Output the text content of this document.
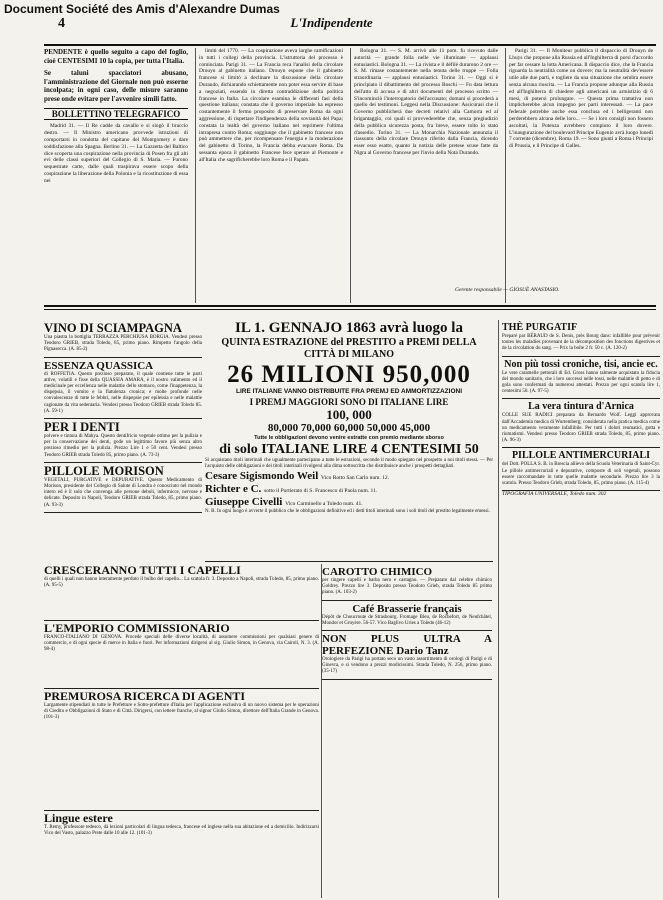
Document Société des Amis d'Alexandre Dumas
4	L'Indipendente
PENDENTE è quello seguito a capo del foglio, cioè CENTESIMI 10 la copia, per tutta l'Italia.
Se taluni spacciatori abusano, l'amministrazione del Giornale non può esserne incolpata; in ogni caso, delle misure saranno prese onde evitare per l'avvenire simili fatto.
BOLLETTINO TELEGRAFICO

Madrid 31. — Il Re cadde da cavallo e si slogò il braccio destro. — Il Ministro americano provvede istruzioni di comportarsi in condotta del capitano del Montgomery e dare soddisfazione alla Spagna. Berlino 31. — La Gazzetta del Baltico dice scoperta una cospirazione nella provincia di Posen fra gli alti evi delle classi superiori del Collegio di S. Maria. — Furono sequestrate carte, dalle quali traspirava essere scopo della cospirazione la liberazione della Polonia e la ricostituzione di essa nei

limiti del 1770. — La cospirazione aveva larghe ramificazioni in tutti i collegi della provincia. L'istruttoria del processo è cominciata. Parigi 31. — La Francia reca l'analisi della circolare Drouyn al gabinetto italiano. Drouyn espone che il gabinetto francese si limitò a declinare la discussione della circolare Durando, dichiarando schiettamente non poter essa servire di base a negoziati, essendo in diretta contraddizione della politica francese in Italia. La circolare esamina le differenti fasi della questione italiana; constata che il governo imperiale ha espresso costantemente il fermo proposito di preservare Roma da ogni aggressione, di rispettare l'indipendenza della sovranità del Papa; constata la lealtà del governo italiano nel reprimere l'ultima intrapresa contro Roma; soggiunge che il gabinetto francese non può ammettere che, per ricompensare l'energia e la moderazione del gabinetto di Torino, la Francia debba evacuare Roma. Da sessanta epoca il gabinetto Francese fece sperare al Piemonte e all'Italia che sagrificherebbe loro Roma e il Papato.

Bologna 31. — S. M. arrivò alle 11 pom. fu ricevuto dalle autorità — grande folla nelle vie illuminate — applausi entusiastici. Bologna 31. — La rivista e il défilé durarono 2 ore — S. M. rimase costantemente nella tenuta delle truppe — Folla straordinaria — applausi entusiastici. Torino 31. — Oggi si è principiato il dibattimento del processo Boschi — Fu data lettura dell'atto di accusa e di altri documenti del processo scritto — S'incominciò l'interrogatorio dell'accusato; domani si procederà a quello dei testimoni. Leggesi nella Discussione: Assicurasi che il Governo pubblicherà due decreti relativi alla Camorra ed al brigantaggio, coi quali si provvederebbe che, senza pregiudizio della pubblica sicurezza posta, fra breve, essere tolto lo stato d'assedio. Torino 31. — La Monarchia Nazionale annunzia il riassunto della circolare Drouyn riferito dalla Francia, dicendo esser esso esatto, quanto la notizia delle pretese scuse fatte da Nigra al Governo francese per l'invio della Nota Durando.

Parigi 31. — Il Moniteur pubblica il dispaccio di Drouyn de Lhuys che propone alla Russia ed all'Inghilterra di porsi d'accordo per far cessare la lotta Americana. Il dispaccio dice, che la Francia riguarda la neutralità come un dovere; ma la neutralità dev'essere utile alle due parti, e togliere da una situazione che sembra essere senza alcuna riuscita. — La Francia propone adunque alla Russia ed all'Inghilterra di chiedere agli americani un armistizio di 6 mesi, di potersi prolungare. — Questa prima trattativa non implicherebbe alcun impegno per parti interessati. — La pace federale potrebbe anche essa conclusa ed i belligeranti non perderebbero alcuna delle loro... — Se i loro consigli non fossero ascoltati, la Potenza avrebbero compiuto il loro dovere. L'inaugurazione del boulevard Principe Eugenio avrà luogo lunedì 7 corrente (dicembre). Roma 19. — Sono giunti a Roma i Principi di Prussia, e il Principe di Galles.

Gerente responsabile — GIOSUÈ ANASTASIO.
VINO DI SCIAMPAGNA
Una piastra la bottiglia TERRAZZA PERCHIUSA BORGIA. Vendesi presso Teodoro GRIEB, strada Toledo, 85, primo piano. Rimpetto l'angolo della Pignasecca. (A. 85-2)
ESSENZA QUASSICA
di ROFFETIA. Questo prezioso preparato, il quale contiene tutte le parti attive, volatili e fisse della QUASSIA AMARA, è il nostro valimento ed il medicinale per eccellenza nelle malattie dello stomaco, come l'inappetenza, la dispepsia, il vomito e la flatulenza cronica; e molte profonde nelle convalescenze di tutte le febbri, nelle dispepsie per epilessia e nelle malattie cagionate da vita sedentaria. Vendesi presso Teodoro GRIEB strada Toledo 85. (A. 59-1)
PER I DENTI
polvere e tintura di Mahya. Questo dentifricio vegetale ottimo per la pulizia e per la conservazione dei denti, gode un legittimo favore più senza altro prezioso rimedio per la pulizia. Prezzo Lire 1 e 50 cent. Vendesi presso Teodoro GRIEB strada Toledo 85, primo piano. (A. 73-3)
PILLOLE MORISON
VEGETALI, PURGATIVE e DEPURATIVE. Questo Medicamento di Morison, presidente del Collegio di Salute di Londra è conosciuto nel mondo intero ed è il solo che convenga alle persone deboli, infermicce, nervose e delicate. Deposito in Napoli, Teodoro GRIEB strada Toledo, 85, primo piano. (A. 93-3)
IL 1. GENNAJO 1863 avrà luogo la
QUINTA ESTRAZIONE del PRESTITO a PREMI DELLA CITTÀ DI MILANO
26 MILIONI 950,000
LIRE ITALIANE VANNO DISTRIBUITE FRA PREMJ ED AMMORTIZZAZIONI
I PREMJ MAGGIORI SONO DI ITALIANE LIRE
100, 000
80,000 70,000 60,000 50,000 45,000
Tutte le obbligazioni devono venire estratte con premio mediante sborso
di solo ITALIANE LIRE 4 CENTESIMI 50
Si acquistano titoli interinali che ugualmente partecipano a tutte le estrazioni, secondo il modo spiegato nel prospetto a noi titoli stessi. — Per l'acquisto delle obbligazioni e dei titoli interinali rivolgersi alla dima sottoscritta che distribuisce anche i prospetti dettagliati.
Cesare Sigismondo Weil Vico Rotto San Carlo num. 12.
Richter e C. sotto il Portierato di S. Francesco di Paola num. 11.
Giuseppe Civelli Vico Carminello a Toledo num. 41.
N. B. In ogni luogo è avverte il pubblico che le obbligazioni definitive ed i detti titoli interinali sono i soli titoli del prestito legalmente emessi.
CRESCERANNO TUTTI I CAPELLI
di quelli i quali non hanno interamente perduto il bulbo del capello... La scatola fr. 3. Deposito a Napoli, strada Toledo, 85, primo piano. (A. 95-5)
L'EMPORIO COMMISSIONARIO
FRANCO-ITALIANO DI GENOVA. Procede speciali delle diverse località, di assumere commissioni per qualsiasi genere di commercio, e di ogni specie di merce in Italia e fuori. Per informazioni dirigersi al sig. Giulio Simon, in Genova, via Cairoli, N. 3. (A. 98-4)
PREMUROSA RICERCA DI AGENTI
Largamente stipendiati in tutte le Prefetture e Sotto-prefetture d'Italia per l'applicazione esclusiva di un nuovo sistema per le operazioni di Credito e Obbligazioni di Stato e di Città. Dirigersi, con lettere franche, al signor Giulio Simon, direttore dell'Italia Grande in Genova. (101-3)
Lingue estere
T. Remy, professore tedesco, dà lezioni particolari di lingua tedesca, francese ed inglese nella sua abitazione ed a domicilio. Indirizzarsi Vico del Vasto, palazzo Prete dalle 10 alle 12. (101-3)
CAROTTO CHIMICO
per tingere capelli e barba nero e castagno. — Preparato dal celebre chimico Goldrey. Prezzo lire 3. Deposito presso Teodoro Grieb, strada Toledo 85 primo piano. (A. 103-2)
Café Brasserie français
Dépôt de Choucroute de Strasbourg. Fromage Bleu, de Rochefort, de Neufchâtel, Mondor et Gruyère. 56-57. Vico Baglivo Uries a Toledo (46-12)
NON PLUS ULTRA A PERFEZIONE Dario Tanz
Orologiere da Parigi ha portato seco un vasto assortimento di orologi di Parigi e di Ginevra, e si vendono a prezzi modicissimi. Strada Toledo, N. 256, primo piano. (35-17)
THÈ PURGATIF
Preparé par BÉRAUD de S. Denis, près Bourg dans: infallible pour prévenir toutes les maladies provenant de la décomposition des fonctions digestives et de la circolation du sang. — Prix la boîte 2 fr. 50 c. (A. 120-2)
Non più tossi croniche, tisi, ancie ec.
Le vere caramelle pettorali di Ed. Gross hanno talmente acquistato la fiducia del mondo sanitario, che i loro successi nelle tossi, nelle malattie di petto e di gola sono confermati da numerosi attestati. Prezzo per ogni scatola lire 1, centesimi 50. (A. 97-5)
La vera tintura d'Arnica
COLLE SUE RADICI preparata da Bernardo Wolf. Leggi approvata dall'Accademia medica di Wurtemberg; considerata nella pratica medica come un medicamento veramente infallibile. Per tutti i dolori reumatici, gotta e riumatismi. Vendesi presso Teodoro GRIEB strada Toledo, 85, primo piano. (A. 96-3)
PILLOLE ANTIMERCURIALI
del Dott. POLLA S. B. in Brescia allievo della Scuola Veterinaria di Saint-Cyr. Le pillole antimercuriali e depurative, composte di soli vegetali, possono essere raccomandate in tutte quelle malattie secondarie. Prezzo lire 3 la scatola. Presso Teodoro Grieb, strada Toledo, 85, primo piano. (A. 115-4)
TIPOGRAFIA UNIVERSALE, Toledo num. 302
